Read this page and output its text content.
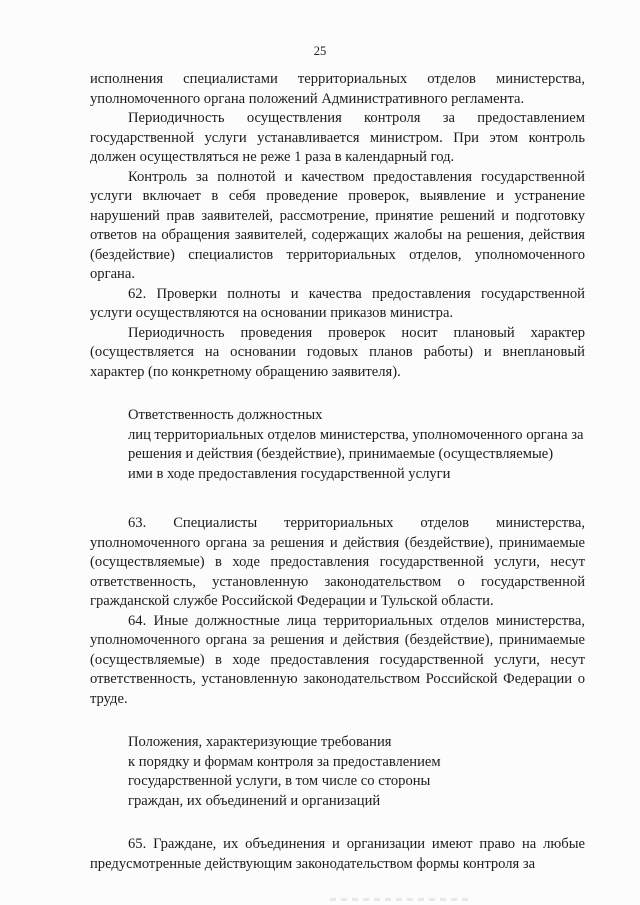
25

исполнения специалистами территориальных отделов министерства, уполномоченного органа положений Административного регламента.

Периодичность осуществления контроля за предоставлением государственной услуги устанавливается министром. При этом контроль должен осуществляться не реже 1 раза в календарный год.

Контроль за полнотой и качеством предоставления государственной услуги включает в себя проведение проверок, выявление и устранение нарушений прав заявителей, рассмотрение, принятие решений и подготовку ответов на обращения заявителей, содержащих жалобы на решения, действия (бездействие) специалистов территориальных отделов, уполномоченного органа.

62. Проверки полноты и качества предоставления государственной услуги осуществляются на основании приказов министра.

Периодичность проведения проверок носит плановый характер (осуществляется на основании годовых планов работы) и внеплановый характер (по конкретному обращению заявителя).

Ответственность должностных

лиц территориальных отделов министерства, уполномоченного органа за

решения и действия (бездействие), принимаемые (осуществляемые)

ими в ходе предоставления государственной услуги

63. Специалисты территориальных отделов министерства, уполномоченного органа за решения и действия (бездействие), принимаемые (осуществляемые) в ходе предоставления государственной услуги, несут ответственность, установленную законодательством о государственной гражданской службе Российской Федерации и Тульской области.

64. Иные должностные лица территориальных отделов министерства, уполномоченного органа за решения и действия (бездействие), принимаемые (осуществляемые) в ходе предоставления государственной услуги, несут ответственность, установленную законодательством Российской Федерации о труде.

Положения, характеризующие требования

к порядку и формам контроля за предоставлением

государственной услуги, в том числе со стороны

граждан, их объединений и организаций

65. Граждане, их объединения и организации имеют право на любые предусмотренные действующим законодательством формы контроля за
